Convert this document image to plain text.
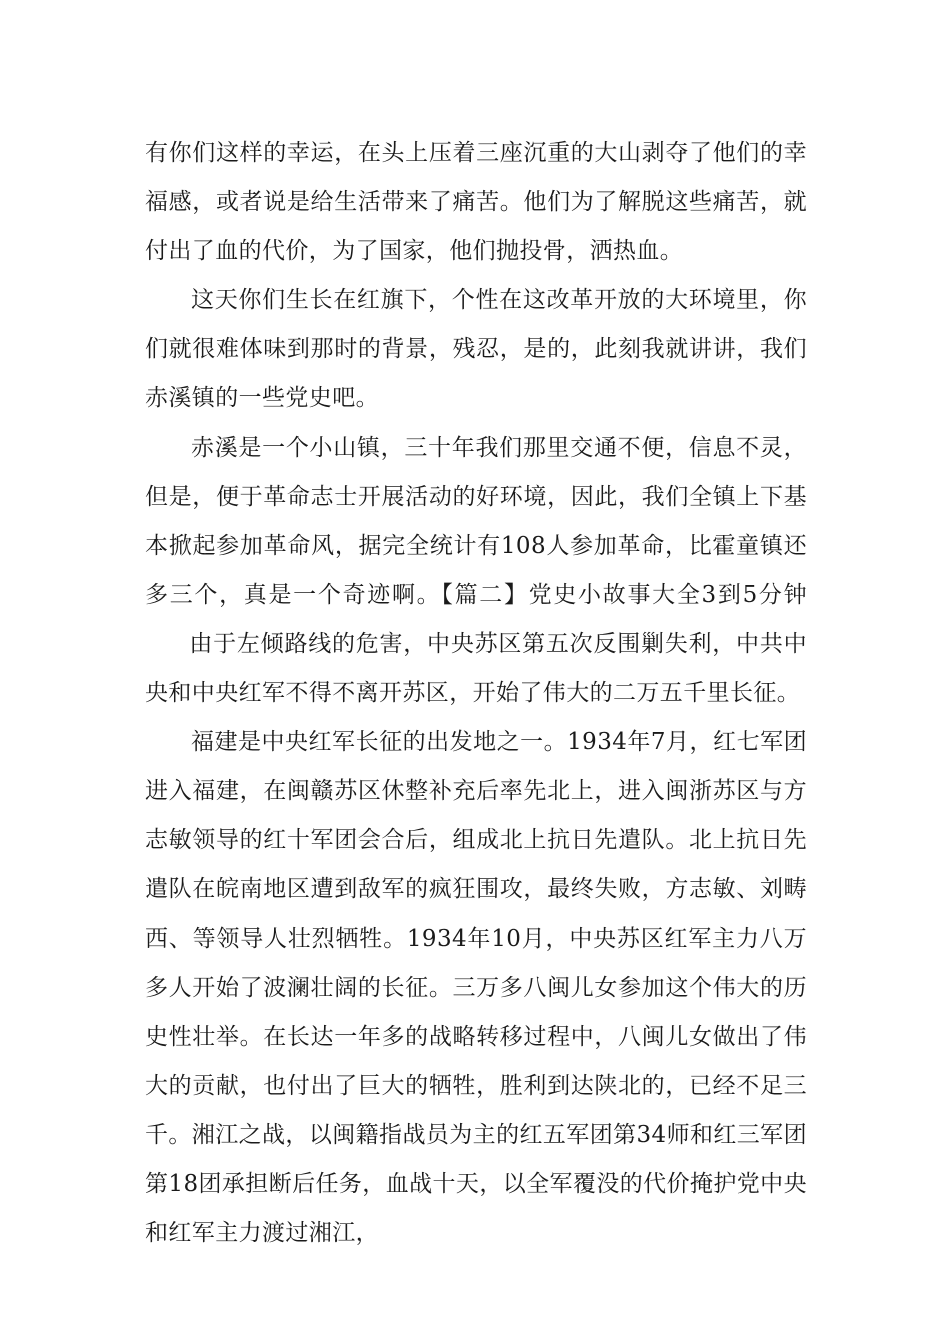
有你们这样的幸运，在头上压着三座沉重的大山剥夺了他们的幸福感，或者说是给生活带来了痛苦。他们为了解脱这些痛苦，就付出了血的代价，为了国家，他们抛投骨，洒热血。

这天你们生长在红旗下，个性在这改革开放的大环境里，你们就很难体味到那时的背景，残忍，是的，此刻我就讲讲，我们赤溪镇的一些党史吧。

赤溪是一个小山镇，三十年我们那里交通不便，信息不灵，但是，便于革命志士开展活动的好环境，因此，我们全镇上下基本掀起参加革命风，据完全统计有108人参加革命，比霍童镇还多三个，真是一个奇迹啊。【篇二】党史小故事大全3到5分钟由于左倾路线的危害，中央苏区第五次反围剿失利，中共中央和中央红军不得不离开苏区，开始了伟大的二万五千里长征。

福建是中央红军长征的出发地之一。1934年7月，红七军团进入福建，在闽赣苏区休整补充后率先北上，进入闽浙苏区与方志敏领导的红十军团会合后，组成北上抗日先遣队。北上抗日先遣队在皖南地区遭到敌军的疯狂围攻，最终失败，方志敏、刘畴西、等领导人壮烈牺牲。1934年10月，中央苏区红军主力八万多人开始了波澜壮阔的长征。三万多八闽儿女参加这个伟大的历史性壮举。在长达一年多的战略转移过程中，八闽儿女做出了伟大的贡献，也付出了巨大的牺牲，胜利到达陕北的，已经不足三千。湘江之战，以闽籍指战员为主的红五军团第34师和红三军团第18团承担断后任务，血战十天，以全军覆没的代价掩护党中央和红军主力渡过湘江，
